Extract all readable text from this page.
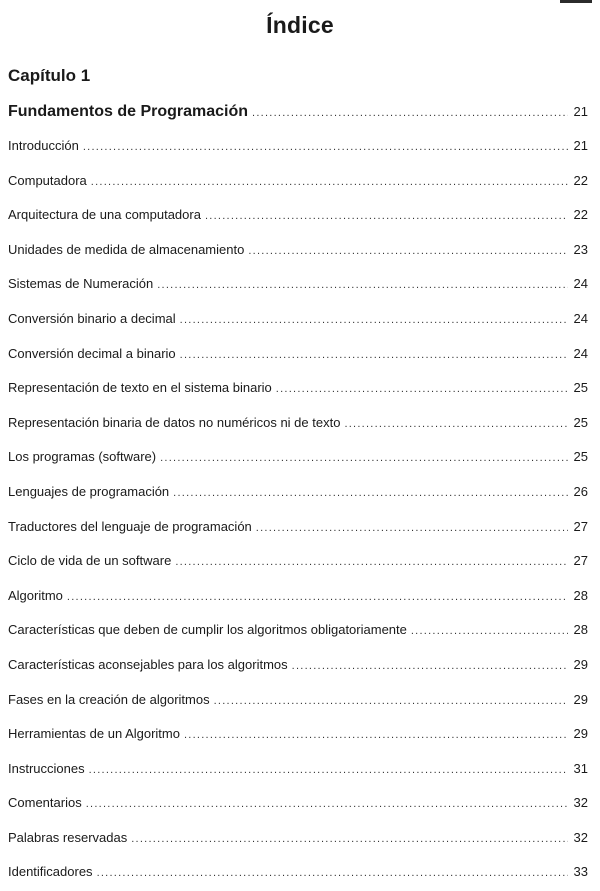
Índice
Capítulo 1
Fundamentos de Programación . . .	21
Introducción . . .	21
Computadora . . .	22
Arquitectura de una computadora . . .	22
Unidades de medida de almacenamiento . . .	23
Sistemas de Numeración . . .	24
Conversión binario a decimal . . .	24
Conversión decimal a binario . . .	24
Representación de texto en el sistema binario . . .	25
Representación binaria de datos no numéricos ni de texto . . .	25
Los programas (software) . . .	25
Lenguajes de programación . . .	26
Traductores del lenguaje de programación . . .	27
Ciclo de vida de un software . . .	27
Algoritmo . . .	28
Características que deben de cumplir los algoritmos obligatoriamente . . .	28
Características aconsejables para los algoritmos . . .	29
Fases en la creación de algoritmos . . .	29
Herramientas de un Algoritmo . . .	29
Instrucciones . . .	31
Comentarios . . .	32
Palabras reservadas . . .	32
Identificadores . . .	33
